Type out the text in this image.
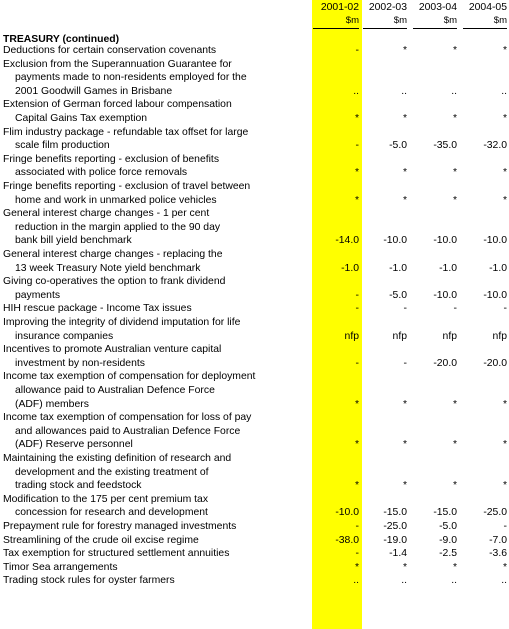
2001-02 2002-03	2003-04	2004-05
$m	$m	$m	$m
TREASURY (continued)
Deductions for certain conservation covenants	-	*	*	*
Exclusion from the Superannuation Guarantee for
payments made to non-residents employed for the
2001 Goodwill Games in Brisbane	..	..	..	..
Extension of German forced labour compensation
Capital Gains Tax exemption	*	*	*	*
Flim industry package - refundable tax offset for large
scale film production	-	-5.0	-35.0	-32.0
Fringe benefits reporting - exclusion of benefits
associated with police force removals	*	*	*	*
Fringe benefits reporting - exclusion of travel between
home and work in unmarked police vehicles	*	*	*	*
General interest charge changes - 1 per cent
reduction in the margin applied to the 90 day
bank bill yield benchmark	-14.0	-10.0	-10.0	-10.0
General interest charge changes - replacing the
13 week Treasury Note yield benchmark	-1.0	-1.0	-1.0	-1.0
Giving co-operatives the option to frank dividend
payments	-	-5.0	-10.0	-10.0
HIH rescue package - Income Tax issues	-	-	-	-
Improving the integrity of dividend imputation for life
insurance companies	nfp	nfp	nfp	nfp
Incentives to promote Australian venture capital
investment by non-residents	-	-	-20.0	-20.0
Income tax exemption of compensation for deployment
allowance paid to Australian Defence Force
(ADF) members	*	*	*	*
Income tax exemption of compensation for loss of pay
and allowances paid to Australian Defence Force
(ADF) Reserve personnel	*	*	*	*
Maintaining the existing definition of research and
development and the existing treatment of
trading stock and feedstock	*	*	*	*
Modification to the 175 per cent premium tax
concession for research and development	-10.0	-15.0	-15.0	-25.0
Prepayment rule for forestry managed investments	-	-25.0	-5.0	-
Streamlining of the crude oil excise regime	-38.0	-19.0	-9.0	-7.0
Tax exemption for structured settlement annuities	-	-1.4	-2.5	-3.6
Timor Sea arrangements	*	*	*	*
Trading stock rules for oyster farmers	..	..	..	..
